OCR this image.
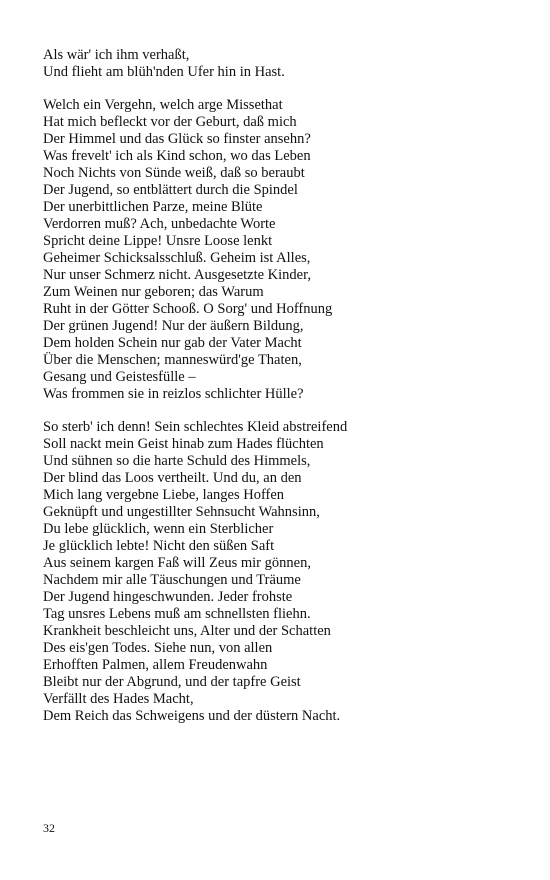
Als wär' ich ihm verhaßt,
Und flieht am blüh'nden Ufer hin in Hast.
Welch ein Vergehn, welch arge Missethat
Hat mich befleckt vor der Geburt, daß mich
Der Himmel und das Glück so finster ansehn?
Was frevelt' ich als Kind schon, wo das Leben
Noch Nichts von Sünde weiß, daß so beraubt
Der Jugend, so entblättert durch die Spindel
Der unerbittlichen Parze, meine Blüte
Verdorren muß? Ach, unbedachte Worte
Spricht deine Lippe! Unsre Loose lenkt
Geheimer Schicksalsschluß. Geheim ist Alles,
Nur unser Schmerz nicht. Ausgesetzte Kinder,
Zum Weinen nur geboren; das Warum
Ruht in der Götter Schooß. O Sorg' und Hoffnung
Der grünen Jugend! Nur der äußern Bildung,
Dem holden Schein nur gab der Vater Macht
Über die Menschen; manneswürd'ge Thaten,
Gesang und Geistesfülle –
Was frommen sie in reizlos schlichter Hülle?
So sterb' ich denn! Sein schlechtes Kleid abstreifend
Soll nackt mein Geist hinab zum Hades flüchten
Und sühnen so die harte Schuld des Himmels,
Der blind das Loos vertheilt. Und du, an den
Mich lang vergebne Liebe, langes Hoffen
Geknüpft und ungestillter Sehnsucht Wahnsinn,
Du lebe glücklich, wenn ein Sterblicher
Je glücklich lebte! Nicht den süßen Saft
Aus seinem kargen Faß will Zeus mir gönnen,
Nachdem mir alle Täuschungen und Träume
Der Jugend hingeschwunden. Jeder frohste
Tag unsres Lebens muß am schnellsten fliehn.
Krankheit beschleicht uns, Alter und der Schatten
Des eis'gen Todes. Siehe nun, von allen
Erhofften Palmen, allem Freudenwahn
Bleibt nur der Abgrund, und der tapfre Geist
Verfällt des Hades Macht,
Dem Reich das Schweigens und der düstern Nacht.
32
